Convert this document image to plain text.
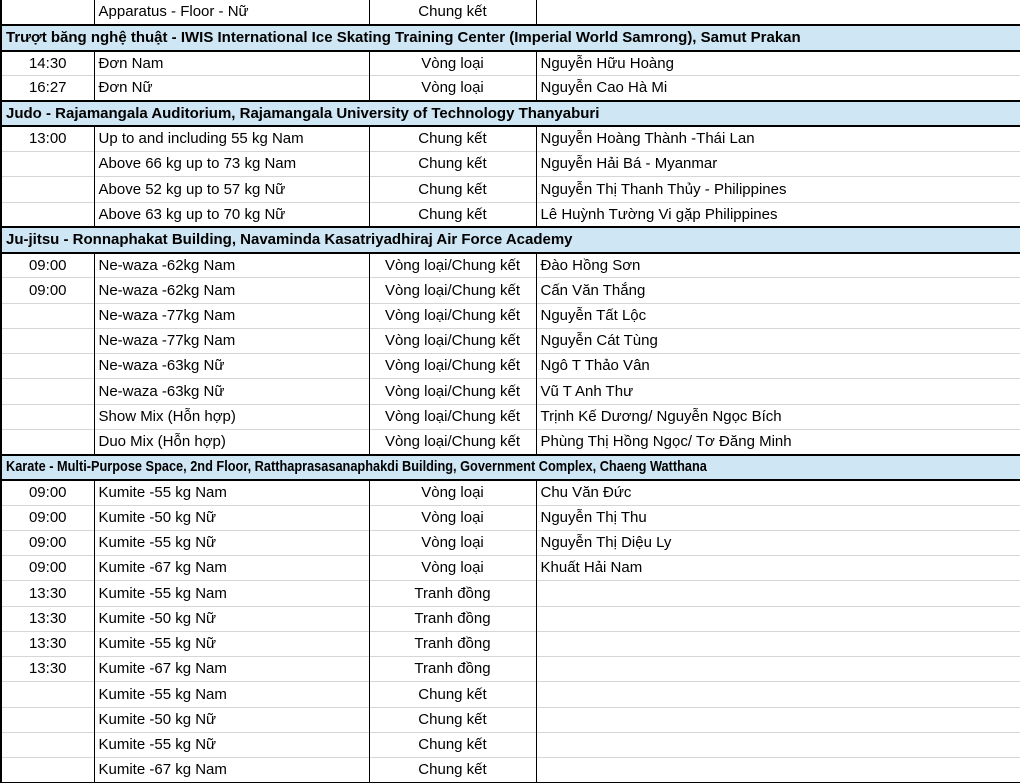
	Apparatus - Floor - Nữ	Chung kết	
Trượt băng nghệ thuật - IWIS International Ice Skating Training Center (Imperial World Samrong), Samut Prakan			
14:30	Đơn Nam	Vòng loại	Nguyễn Hữu Hoàng
16:27	Đơn Nữ	Vòng loại	Nguyễn Cao Hà Mi
Judo - Rajamangala Auditorium, Rajamangala University of Technology Thanyaburi			
13:00	Up to and including 55 kg Nam	Chung kết	Nguyễn Hoàng Thành -Thái Lan
	Above 66 kg up to 73 kg Nam	Chung kết	Nguyễn Hải Bá - Myanmar
	Above 52 kg up to 57 kg Nữ	Chung kết	Nguyễn Thị Thanh Thủy - Philippines
	Above 63 kg up to 70 kg Nữ	Chung kết	Lê Huỳnh Tường Vi gặp Philippines
Ju-jitsu - Ronnaphakat Building, Navaminda Kasatriyadhiraj Air Force Academy			
09:00	Ne-waza -62kg Nam	Vòng loại/Chung kết	Đào Hồng Sơn
09:00	Ne-waza -62kg Nam	Vòng loại/Chung kết	Cấn Văn Thắng
	Ne-waza -77kg Nam	Vòng loại/Chung kết	Nguyễn Tất Lộc
	Ne-waza -77kg Nam	Vòng loại/Chung kết	Nguyễn Cát Tùng
	Ne-waza -63kg Nữ	Vòng loại/Chung kết	Ngô T Thảo Vân
	Ne-waza -63kg Nữ	Vòng loại/Chung kết	Vũ T Anh Thư
	Show Mix (Hỗn hợp)	Vòng loại/Chung kết	Trịnh Kế Dương/ Nguyễn Ngọc Bích
	Duo Mix (Hỗn hợp)	Vòng loại/Chung kết	Phùng Thị Hồng Ngọc/ Tơ Đăng Minh
Karate - Multi-Purpose Space, 2nd Floor, Ratthaprasasanaphakdi Building, Government Complex, Chaeng Watthana			
09:00	Kumite -55 kg Nam	Vòng loại	Chu Văn Đức
09:00	Kumite -50 kg Nữ	Vòng loại	Nguyễn Thị Thu
09:00	Kumite -55 kg Nữ	Vòng loại	Nguyễn Thị Diệu Ly
09:00	Kumite -67 kg Nam	Vòng loại	Khuất Hải Nam
13:30	Kumite -55 kg Nam	Tranh đồng	
13:30	Kumite -50 kg Nữ	Tranh đồng	
13:30	Kumite -55 kg Nữ	Tranh đồng	
13:30	Kumite -67 kg Nam	Tranh đồng	
	Kumite -55 kg Nam	Chung kết	
	Kumite -50 kg Nữ	Chung kết	
	Kumite -55 kg Nữ	Chung kết	
	Kumite -67 kg Nam	Chung kết	
